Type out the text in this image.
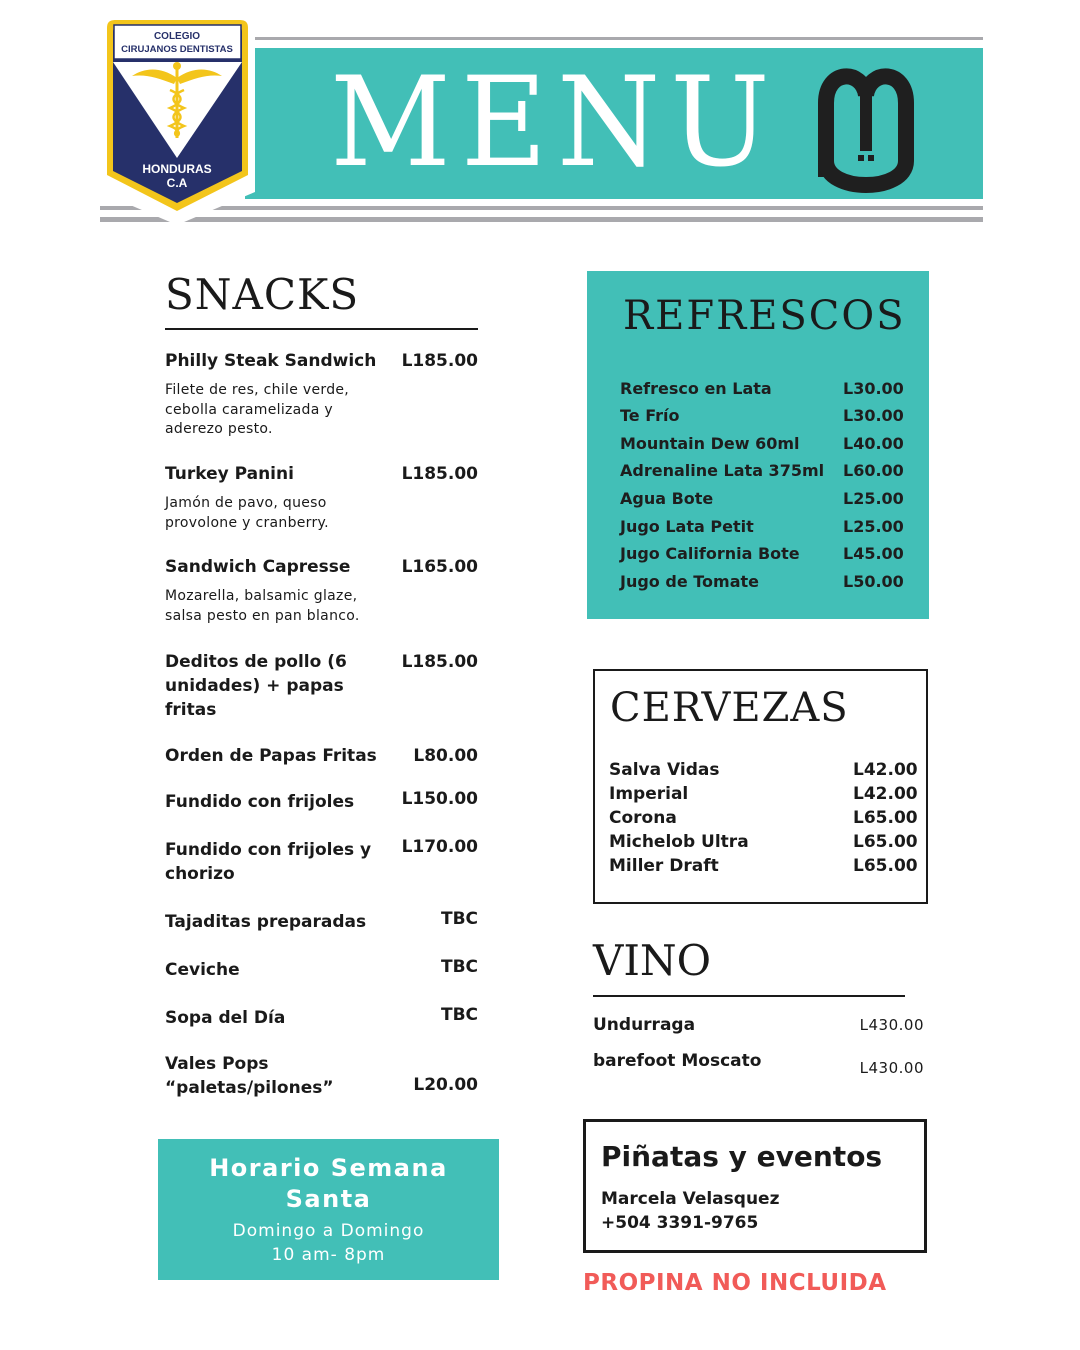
MENU
COLEGIO
CIRUJANOS DENTISTAS
HONDURAS
C.A
SNACKS
Philly Steak Sandwich	L185.00
Filete de res, chile verde,
cebolla caramelizada y
aderezo pesto.
Turkey Panini	L185.00
Jamón de pavo, queso
provolone y cranberry.
Sandwich Capresse	L165.00
Mozarella, balsamic glaze,
salsa pesto en pan blanco.
Deditos de pollo (6
unidades) + papas
fritas
L185.00
Orden de Papas Fritas	L80.00
Fundido con frijoles	L150.00
Fundido con frijoles y
chorizo
L170.00
Tajaditas preparadas	TBC
Ceviche	TBC
Sopa del Día	TBC
Vales Pops
“paletas/pilones”	L20.00
REFRESCOS
Refresco en Lata	L30.00
Te Frío	L30.00
Mountain Dew 60ml	L40.00
Adrenaline Lata 375ml L60.00
Agua Bote	L25.00
Jugo Lata Petit	L25.00
Jugo California Bote	L45.00
Jugo de Tomate	L50.00
CERVEZAS
Salva Vidas	L42.00
Imperial	L42.00
Corona	L65.00
Michelob Ultra	L65.00
Miller Draft	L65.00
VINO
Undurraga	L430.00
barefoot Moscato	L430.00
Horario Semana
Santa
Domingo a Domingo
10 am- 8pm
Piñatas y eventos
Marcela Velasquez
+504 3391-9765
PROPINA NO INCLUIDA
